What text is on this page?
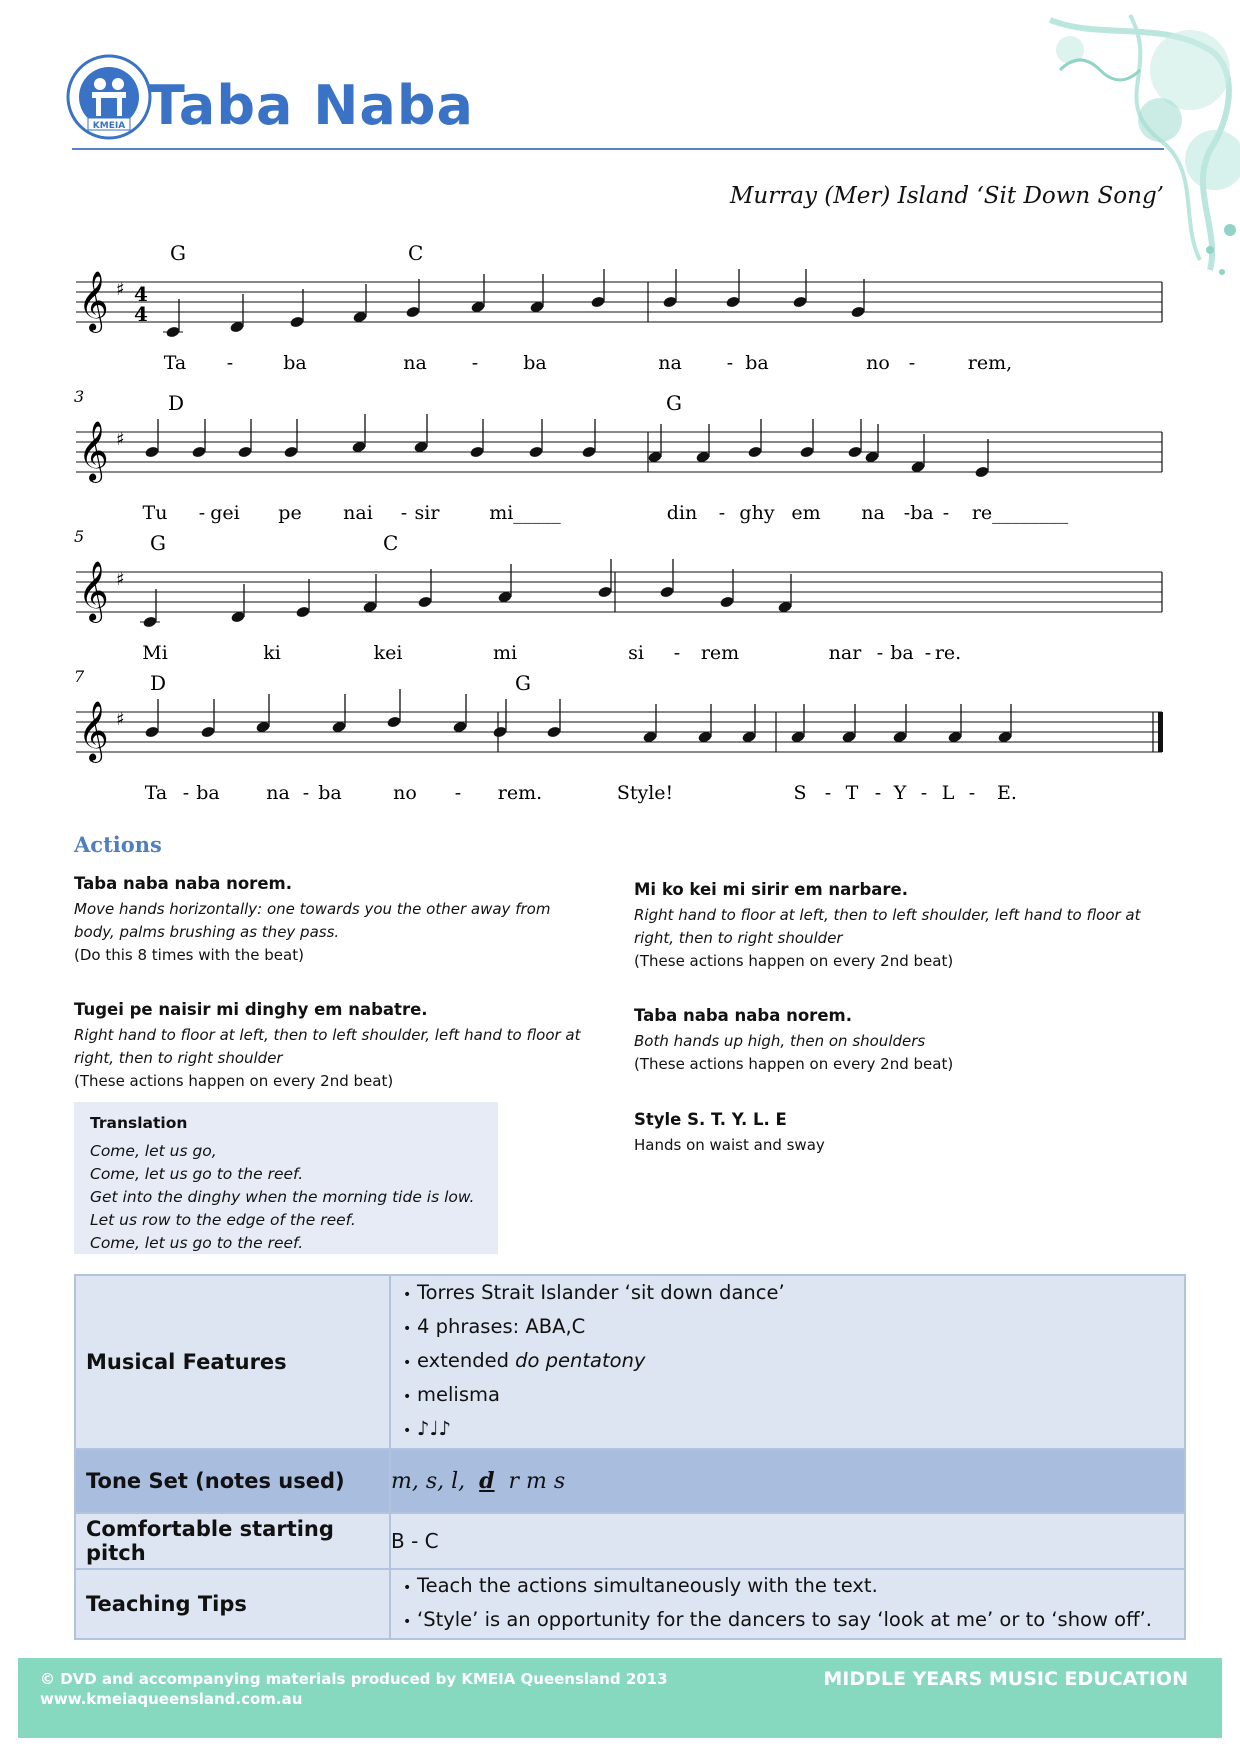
KMEIA Taba Naba
Murray (Mer) Island ‘Sit Down Song’
𝄞 ♯ 4
4
𝄞 ♯
𝄞 ♯
𝄞 ♯
G	C
Ta -	ba	na - ba	na - ba	no -	rem,
3	D	G
Tu - gei pe nai - sir	mi_____	din - ghy em na - ba - re________
5	G	C
Mi	ki	kei	mi	si - rem	nar - ba - re.
7	D	G
Ta - ba na - ba	no - rem.	Style!	S - T - Y - L - E.
Actions
Taba naba naba norem.
Move hands horizontally: one towards you the other away from
body, palms brushing as they pass.
(Do this 8 times with the beat)
Tugei pe naisir mi dinghy em nabatre.
Right hand to floor at left, then to left shoulder, left hand to floor at
right, then to right shoulder
(These actions happen on every 2nd beat)
Mi ko kei mi sirir em narbare.
Right hand to floor at left, then to left shoulder, left hand to floor at
right, then to right shoulder
(These actions happen on every 2nd beat)
Taba naba naba norem.
Both hands up high, then on shoulders
(These actions happen on every 2nd beat)
Style S. T. Y. L. E
Hands on waist and sway
Translation
Come, let us go,
Come, let us go to the reef.
Get into the dinghy when the morning tide is low.
Let us row to the edge of the reef.
Come, let us go to the reef.
Musical Features	• Torres Strait Islander ‘sit down dance’
• 4 phrases: ABA,C
• extended do pentatony
• melisma
• ♪♩♪

Tone Set (notes used)	m, s, l, d r m s
Comfortable starting pitch	B - C
Teaching Tips	• Teach the actions simultaneously with the text.
• ‘Style’ is an opportunity for the dancers to say ‘look at me’ or to ‘show off’.
© DVD and accompanying materials produced by KMEIA Queensland 2013
www.kmeiaqueensland.com.au
MIDDLE YEARS MUSIC EDUCATION
